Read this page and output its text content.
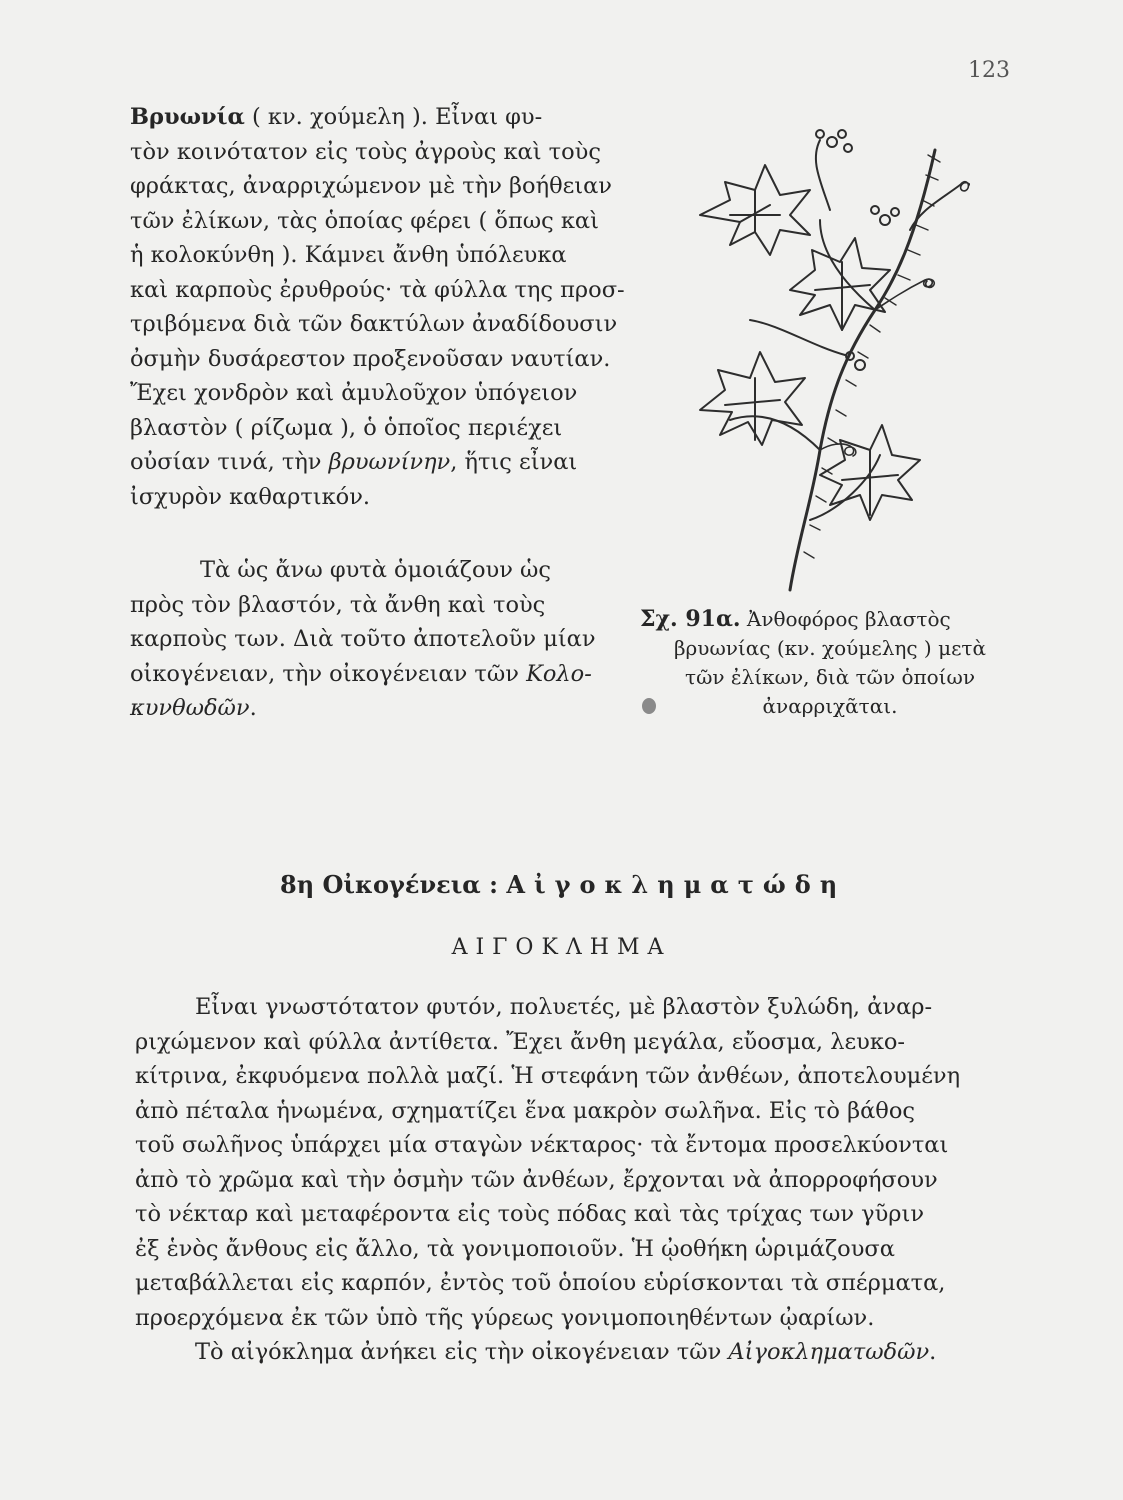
123

Βρυωνία ( κν. χούμελη ). Εἶναι φυ-
τὸν κοινότατον εἰς τοὺς ἀγροὺς καὶ τοὺς
φράκτας, ἀναρριχώμενον μὲ τὴν βοήθειαν
τῶν ἐλίκων, τὰς ὁποίας φέρει ( ὅπως καὶ
ἡ κολοκύνθη ). Κάμνει ἄνθη ὑπόλευκα
καὶ καρποὺς ἐρυθρούς· τὰ φύλλα της προσ-
τριβόμενα διὰ τῶν δακτύλων ἀναδίδουσιν
ὀσμὴν δυσάρεστον προξενοῦσαν ναυτίαν.
Ἔχει χονδρὸν καὶ ἀμυλοῦχον ὑπόγειον
βλαστὸν ( ρίζωμα ), ὁ ὁποῖος περιέχει
οὐσίαν τινά, τὴν βρυωνίνην, ἥτις εἶναι
ἰσχυρὸν καθαρτικόν.

Τὰ ὡς ἄνω φυτὰ ὁμοιάζουν ὡς
πρὸς τὸν βλαστόν, τὰ ἄνθη καὶ τοὺς
καρποὺς των. Διὰ τοῦτο ἀποτελοῦν μίαν
οἰκογένειαν, τὴν οἰκογένειαν τῶν Κολο-
κυνθωδῶν.

Σχ. 91α. Ἀνθοφόρος βλαστὸς
βρυωνίας (κν. χούμελης ) μετὰ
τῶν ἐλίκων, διὰ τῶν ὁποίων
ἀναρριχᾶται.
8η Οἰκογένεια : Αἰγοκληματώδη
ΑΙΓΟΚΛΗΜΑ

Εἶναι γνωστότατον φυτόν, πολυετές, μὲ βλαστὸν ξυλώδη, ἀναρ-
ριχώμενον καὶ φύλλα ἀντίθετα. Ἔχει ἄνθη μεγάλα, εὔοσμα, λευκο-
κίτρινα, ἐκφυόμενα πολλὰ μαζί. Ἡ στεφάνη τῶν ἀνθέων, ἀποτελουμένη
ἀπὸ πέταλα ἡνωμένα, σχηματίζει ἕνα μακρὸν σωλῆνα. Εἰς τὸ βάθος
τοῦ σωλῆνος ὑπάρχει μία σταγὼν νέκταρος· τὰ ἔντομα προσελκύονται
ἀπὸ τὸ χρῶμα καὶ τὴν ὀσμὴν τῶν ἀνθέων, ἔρχονται νὰ ἀπορροφήσουν
τὸ νέκταρ καὶ μεταφέροντα εἰς τοὺς πόδας καὶ τὰς τρίχας των γῦριν
ἐξ ἑνὸς ἄνθους εἰς ἄλλο, τὰ γονιμοποιοῦν. Ἡ ᾠοθήκη ὡριμάζουσα
μεταβάλλεται εἰς καρπόν, ἐντὸς τοῦ ὁποίου εὑρίσκονται τὰ σπέρματα,
προερχόμενα ἐκ τῶν ὑπὸ τῆς γύρεως γονιμοποιηθέντων ᾠαρίων.

Τὸ αἰγόκλημα ἀνήκει εἰς τὴν οἰκογένειαν τῶν Αἰγοκληματωδῶν.
